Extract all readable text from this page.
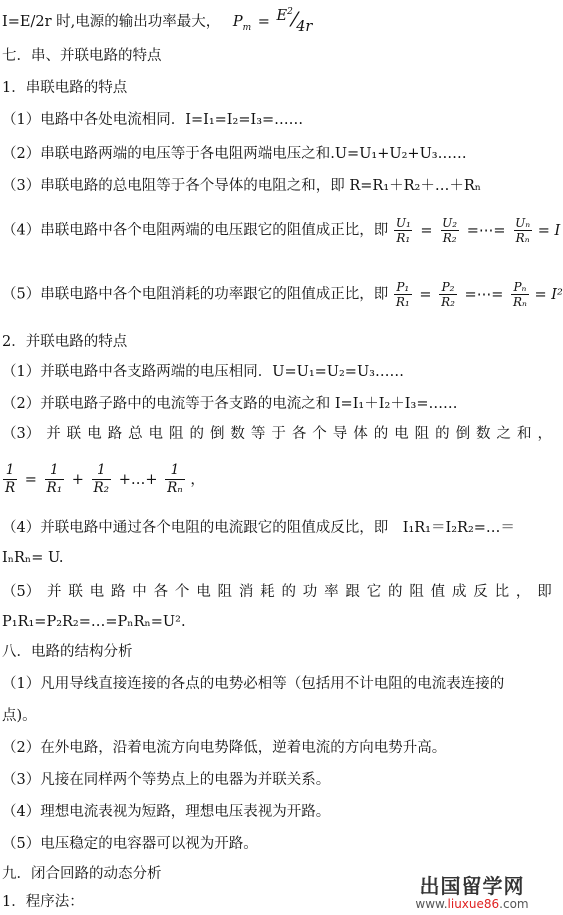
I=E/2r 时,电源的输出功率最大， $P_m$ = $E^2⁄4r$
七．串、并联电路的特点
1．串联电路的特点
（1）电路中各处电流相同．I=I₁=I₂=I₃=……
（2）串联电路两端的电压等于各电阻两端电压之和.U=U₁+U₂+U₃……
（3）串联电路的总电阻等于各个导体的电阻之和，即 R=R₁＋R₂＋…＋Rₙ
（4）串联电路中各个电阻两端的电压跟它的阻值成正比，即 $\frac{\text{U₁}}{\text{R₁}} = \frac{\text{U₂}}{\text{R₂}}$ =⋯= $\frac{\text{Uₙ}}{\text{Rₙ}} = I$
（5）串联电路中各个电阻消耗的功率跟它的阻值成正比，即 $\frac{\text{P₁}}{\text{R₁}} = \frac{\text{P₂}}{\text{R₂}}$ =⋯= $\frac{\text{Pₙ}}{\text{Rₙ}} = I^2$
2．并联电路的特点
（1）并联电路中各支路两端的电压相同．U=U₁=U₂=U₃……
（2）并联电路子路中的电流等于各支路的电流之和 I=I₁＋I₂＋I₃=……
（3） 并 联 电 路 总 电 阻 的 倒 数 等 于 各 个 导 体 的 电 阻 的 倒 数 之 和 ，
$\frac{1}{R} = \frac{1}{\text{R₁}} + \frac{1}{\text{R₂}}$ +…+ $\frac{1}{\text{Rₙ}}$ ，
（4）并联电路中通过各个电阻的电流跟它的阻值成反比，即　I₁R₁＝I₂R₂=…＝
IₙRₙ= U.
（5） 并 联 电 路 中 各 个 电 阻 消 耗 的 功 率 跟 它 的 阻 值 成 反 比 ， 即
P₁R₁=P₂R₂=…=PₙRₙ=U².
八．电路的结构分析
（1）凡用导线直接连接的各点的电势必相等（包括用不计电阻的电流表连接的
点)。
（2）在外电路，沿着电流方向电势降低，逆着电流的方向电势升高。
（3）凡接在同样两个等势点上的电器为并联关系。
（4）理想电流表视为短路，理想电压表视为开路。
（5）电压稳定的电容器可以视为开路。
九．闭合回路的动态分析
1．程序法：
出国留学网
www.liuxue86.com
